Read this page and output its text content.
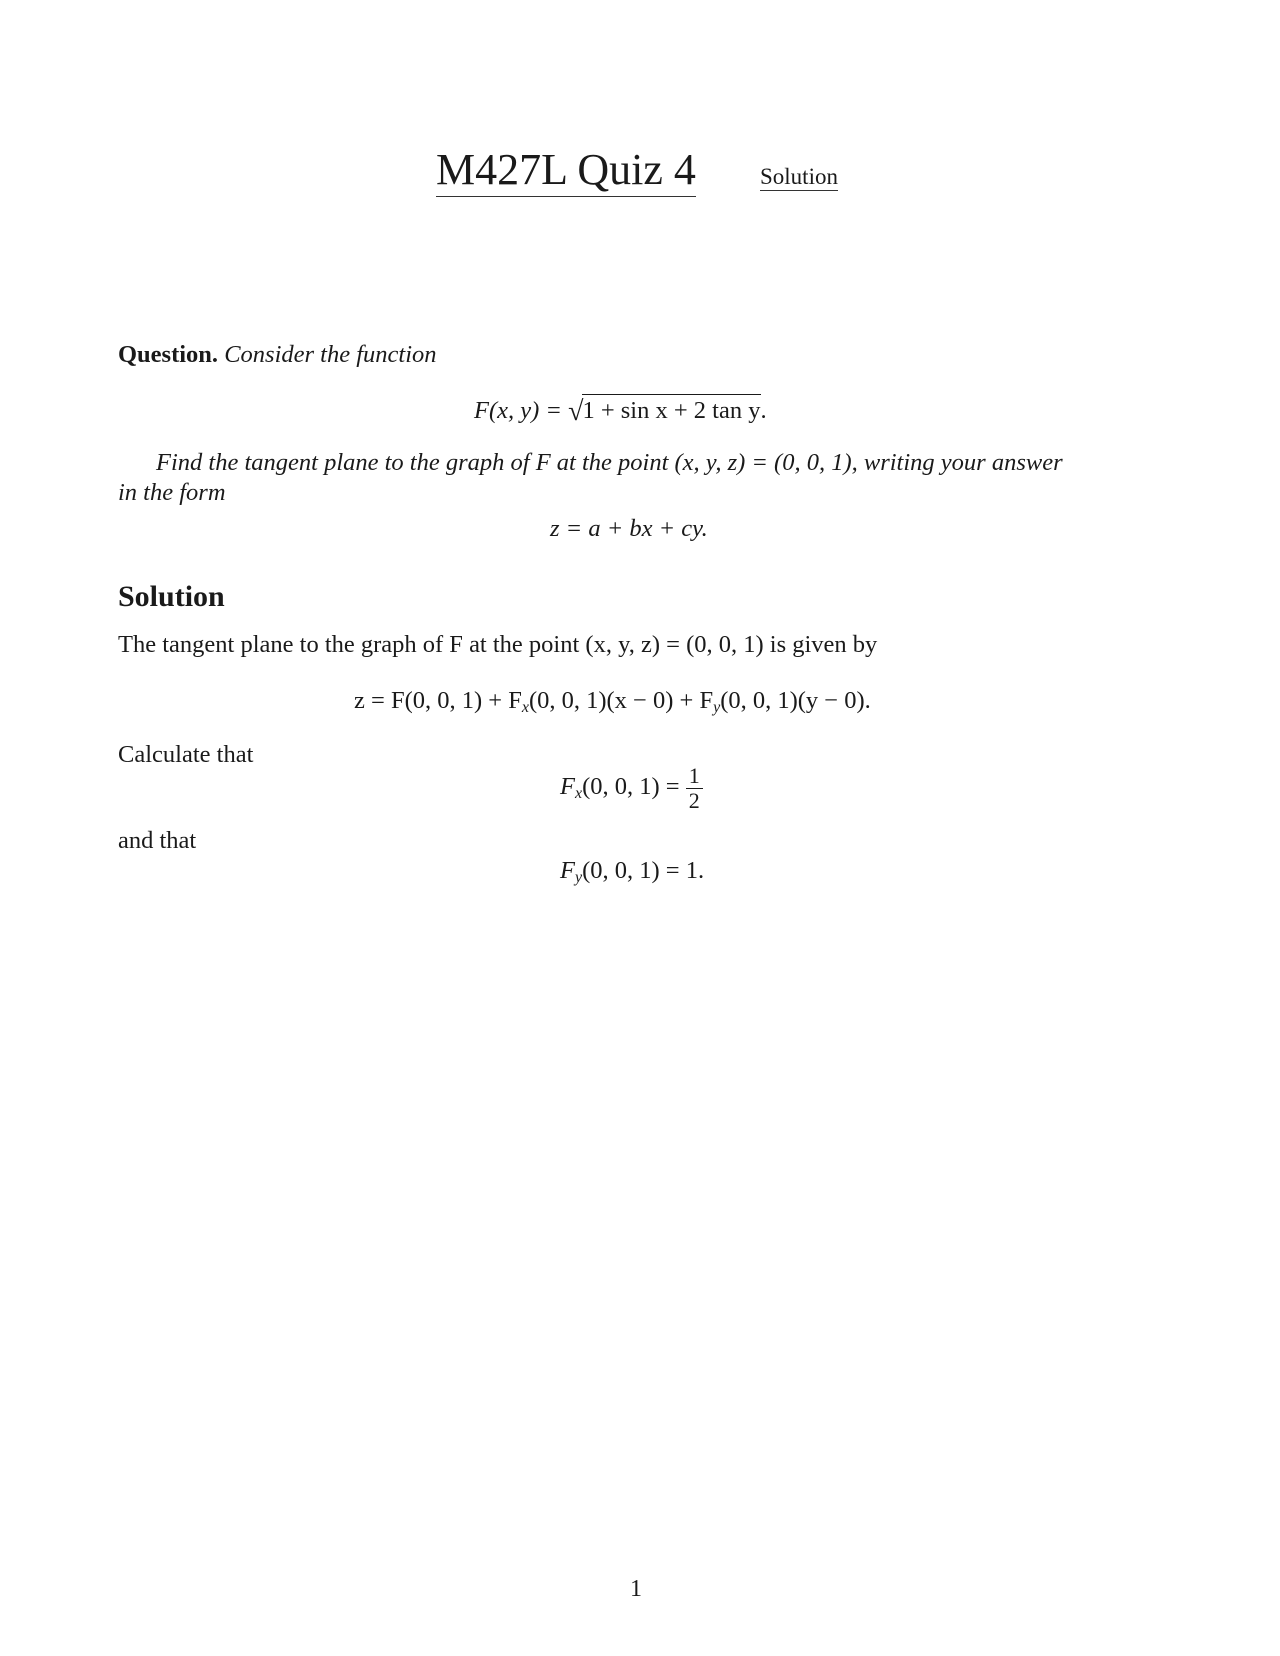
M427L Quiz 4	Solution
Question. Consider the function
F(x, y) = √1 + sin x + 2 tan y.
Find the tangent plane to the graph of F at the point (x, y, z) = (0, 0, 1), writing your answer
in the form
z = a + bx + cy.
Solution
The tangent plane to the graph of F at the point (x, y, z) = (0, 0, 1) is given by
z = F(0, 0, $1) + F_x(0$, 0, $1)(x - 0) + F_y(0$, 0, 1)(y − 0).
Calculate that
$F_x(0$, 0, $1) = \frac{1}{2}$
and that
$F_y(0$, 0, 1) = 1.
1
